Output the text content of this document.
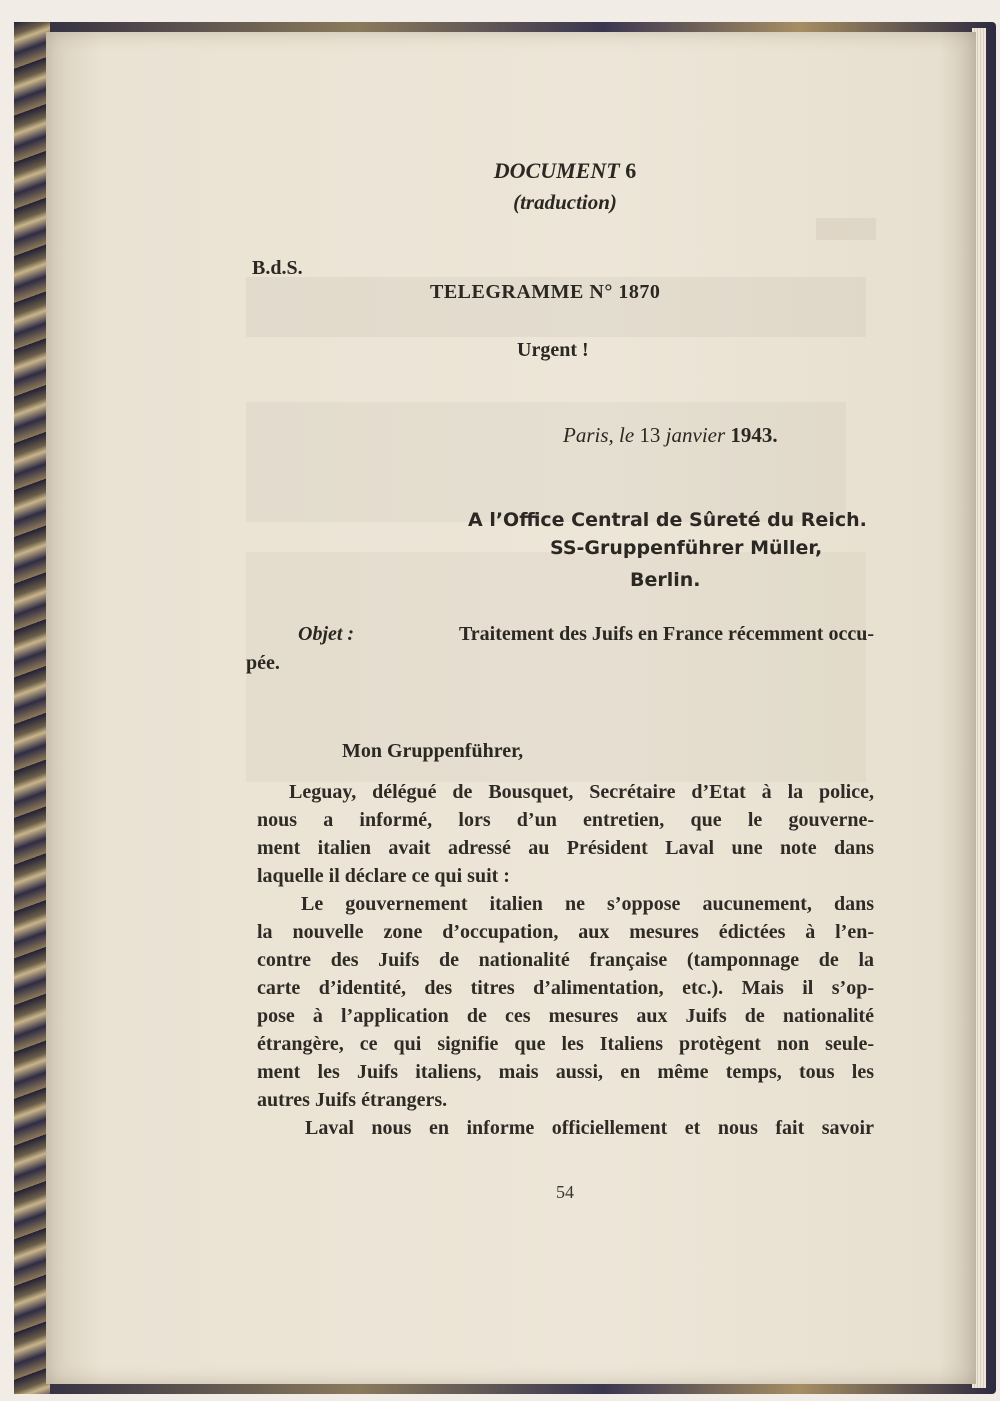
DOCUMENT 6
(traduction)
B.d.S.
TELEGRAMME N° 1870
Urgent !
Paris, le 13 janvier 1943.
A l’Office Central de Sûreté du Reich.
SS-Gruppenführer Müller,
Berlin.
Objet :	Traitement des Juifs en France récemment occu-
pée.
Mon Gruppenführer,

Leguay, délégué de Bousquet, Secrétaire d’Etat à la police,
nous a informé, lors d’un entretien, que le gouverne-
ment italien avait adressé au Président Laval une note dans
laquelle il déclare ce qui suit :

Le gouvernement italien ne s’oppose aucunement, dans
la nouvelle zone d’occupation, aux mesures édictées à l’en-
contre des Juifs de nationalité française (tamponnage de la
carte d’identité, des titres d’alimentation, etc.). Mais il s’op-
pose à l’application de ces mesures aux Juifs de nationalité
étrangère, ce qui signifie que les Italiens protègent non seule-
ment les Juifs italiens, mais aussi, en même temps, tous les
autres Juifs étrangers.

Laval nous en informe officiellement et nous fait savoir

54
